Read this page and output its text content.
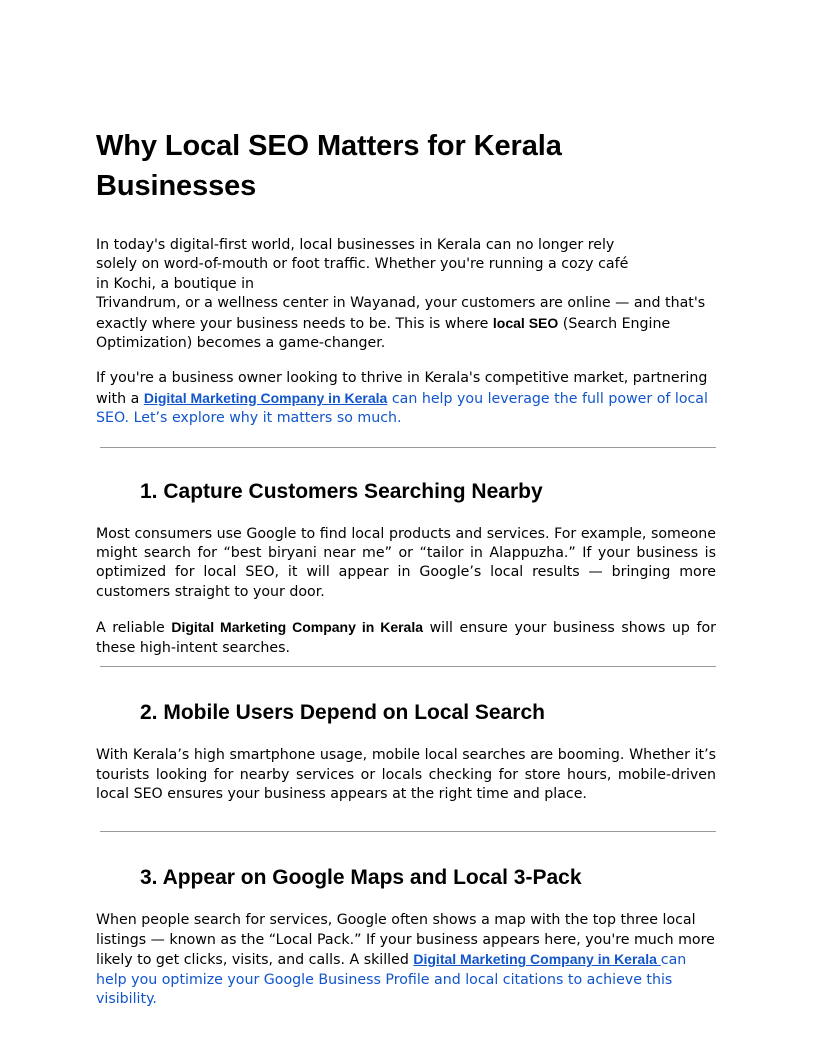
Why Local SEO Matters for Kerala Businesses

In today's digital-first world, local businesses in Kerala can no longer rely
solely on word-of-mouth or foot traffic. Whether you're running a cozy café
in Kochi, a boutique in
Trivandrum, or a wellness center in Wayanad, your customers are online — and that's exactly where your business needs to be. This is where local SEO (Search Engine Optimization) becomes a game-changer.

If you're a business owner looking to thrive in Kerala's competitive market, partnering with a Digital Marketing Company in Kerala can help you leverage the full power of local SEO. Let’s explore why it matters so much.

1. Capture Customers Searching Nearby

Most consumers use Google to find local products and services. For example, someone might search for “best biryani near me” or “tailor in Alappuzha.” If your business is optimized for local SEO, it will appear in Google’s local results — bringing more customers straight to your door.

A reliable Digital Marketing Company in Kerala will ensure your business shows up for these high-intent searches.

2. Mobile Users Depend on Local Search

With Kerala’s high smartphone usage, mobile local searches are booming. Whether it’s tourists looking for nearby services or locals checking for store hours, mobile-driven local SEO ensures your business appears at the right time and place.

3. Appear on Google Maps and Local 3-Pack

When people search for services, Google often shows a map with the top three local listings — known as the “Local Pack.” If your business appears here, you're much more likely to get clicks, visits, and calls. A skilled Digital Marketing Company in Kerala can help you optimize your Google Business Profile and local citations to achieve this visibility.
